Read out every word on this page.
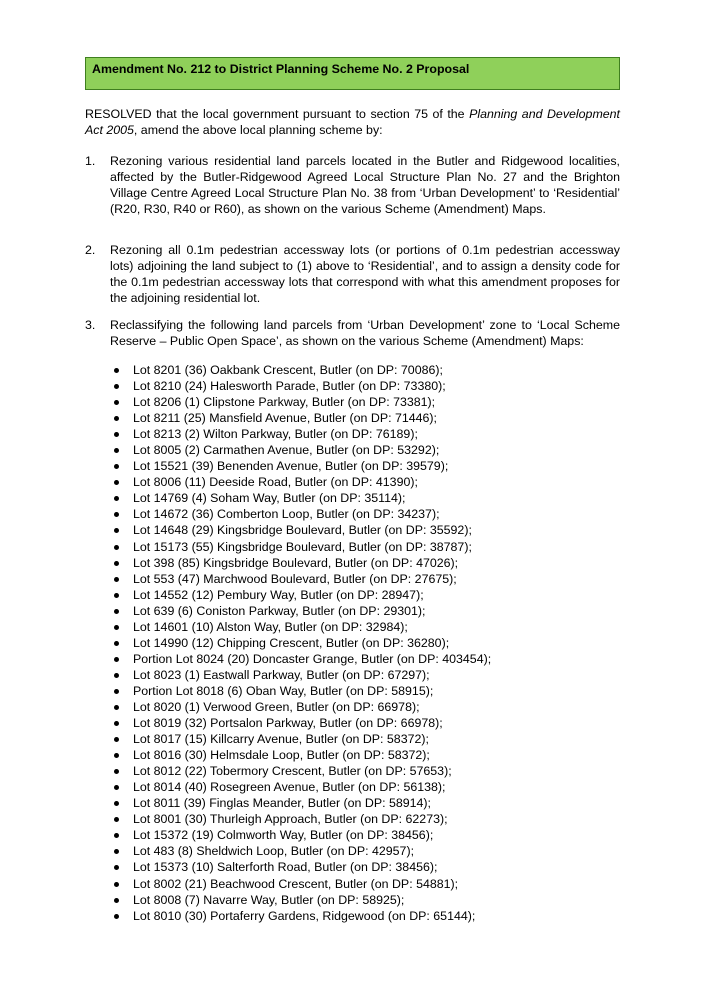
Amendment No. 212 to District Planning Scheme No. 2 Proposal

RESOLVED that the local government pursuant to section 75 of the Planning and Development Act 2005, amend the above local planning scheme by:

1. Rezoning various residential land parcels located in the Butler and Ridgewood localities, affected by the Butler-Ridgewood Agreed Local Structure Plan No. 27 and the Brighton Village Centre Agreed Local Structure Plan No. 38 from ‘Urban Development’ to ‘Residential’ (R20, R30, R40 or R60), as shown on the various Scheme (Amendment) Maps.
2. Rezoning all 0.1m pedestrian accessway lots (or portions of 0.1m pedestrian accessway lots) adjoining the land subject to (1) above to ‘Residential’, and to assign a density code for the 0.1m pedestrian accessway lots that correspond with what this amendment proposes for the adjoining residential lot.
3. Reclassifying the following land parcels from ‘Urban Development’ zone to ‘Local Scheme Reserve – Public Open Space’, as shown on the various Scheme (Amendment) Maps:
Lot 8201 (36) Oakbank Crescent, Butler (on DP: 70086);
Lot 8210 (24) Halesworth Parade, Butler (on DP: 73380);
Lot 8206 (1) Clipstone Parkway, Butler (on DP: 73381);
Lot 8211 (25) Mansfield Avenue, Butler (on DP: 71446);
Lot 8213 (2) Wilton Parkway, Butler (on DP: 76189);
Lot 8005 (2) Carmathen Avenue, Butler (on DP: 53292);
Lot 15521 (39) Benenden Avenue, Butler (on DP: 39579);
Lot 8006 (11) Deeside Road, Butler (on DP: 41390);
Lot 14769 (4) Soham Way, Butler (on DP: 35114);
Lot 14672 (36) Comberton Loop, Butler (on DP: 34237);
Lot 14648 (29) Kingsbridge Boulevard, Butler (on DP: 35592);
Lot 15173 (55) Kingsbridge Boulevard, Butler (on DP: 38787);
Lot 398 (85) Kingsbridge Boulevard, Butler (on DP: 47026);
Lot 553 (47) Marchwood Boulevard, Butler (on DP: 27675);
Lot 14552 (12) Pembury Way, Butler (on DP: 28947);
Lot 639 (6) Coniston Parkway, Butler (on DP: 29301);
Lot 14601 (10) Alston Way, Butler (on DP: 32984);
Lot 14990 (12) Chipping Crescent, Butler (on DP: 36280);
Portion Lot 8024 (20) Doncaster Grange, Butler (on DP: 403454);
Lot 8023 (1) Eastwall Parkway, Butler (on DP: 67297);
Portion Lot 8018 (6) Oban Way, Butler (on DP: 58915);
Lot 8020 (1) Verwood Green, Butler (on DP: 66978);
Lot 8019 (32) Portsalon Parkway, Butler (on DP: 66978);
Lot 8017 (15) Killcarry Avenue, Butler (on DP: 58372);
Lot 8016 (30) Helmsdale Loop, Butler (on DP: 58372);
Lot 8012 (22) Tobermory Crescent, Butler (on DP: 57653);
Lot 8014 (40) Rosegreen Avenue, Butler (on DP: 56138);
Lot 8011 (39) Finglas Meander, Butler (on DP: 58914);
Lot 8001 (30) Thurleigh Approach, Butler (on DP: 62273);
Lot 15372 (19) Colmworth Way, Butler (on DP: 38456);
Lot 483 (8) Sheldwich Loop, Butler (on DP: 42957);
Lot 15373 (10) Salterforth Road, Butler (on DP: 38456);
Lot 8002 (21) Beachwood Crescent, Butler (on DP: 54881);
Lot 8008 (7) Navarre Way, Butler (on DP: 58925);
Lot 8010 (30) Portaferry Gardens, Ridgewood (on DP: 65144);
